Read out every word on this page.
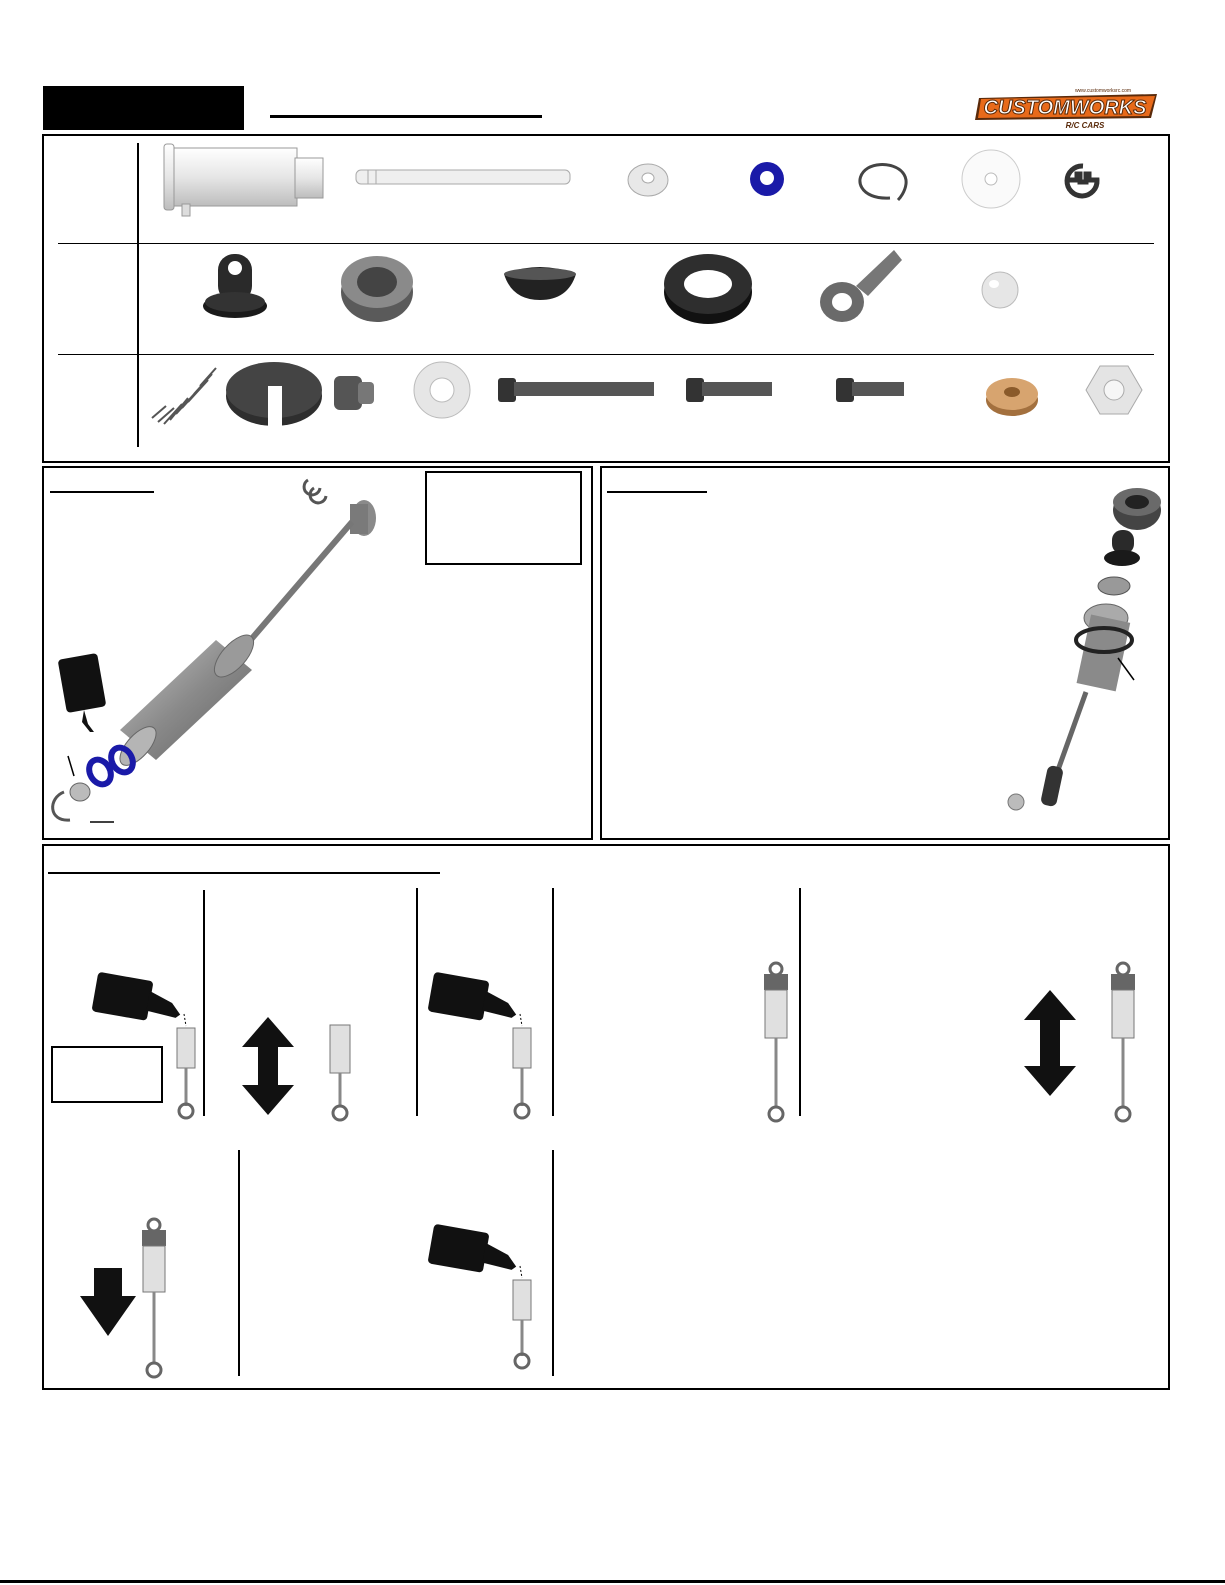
www.customworksrc.com
CUSTOMWORKS
R/C CARS
